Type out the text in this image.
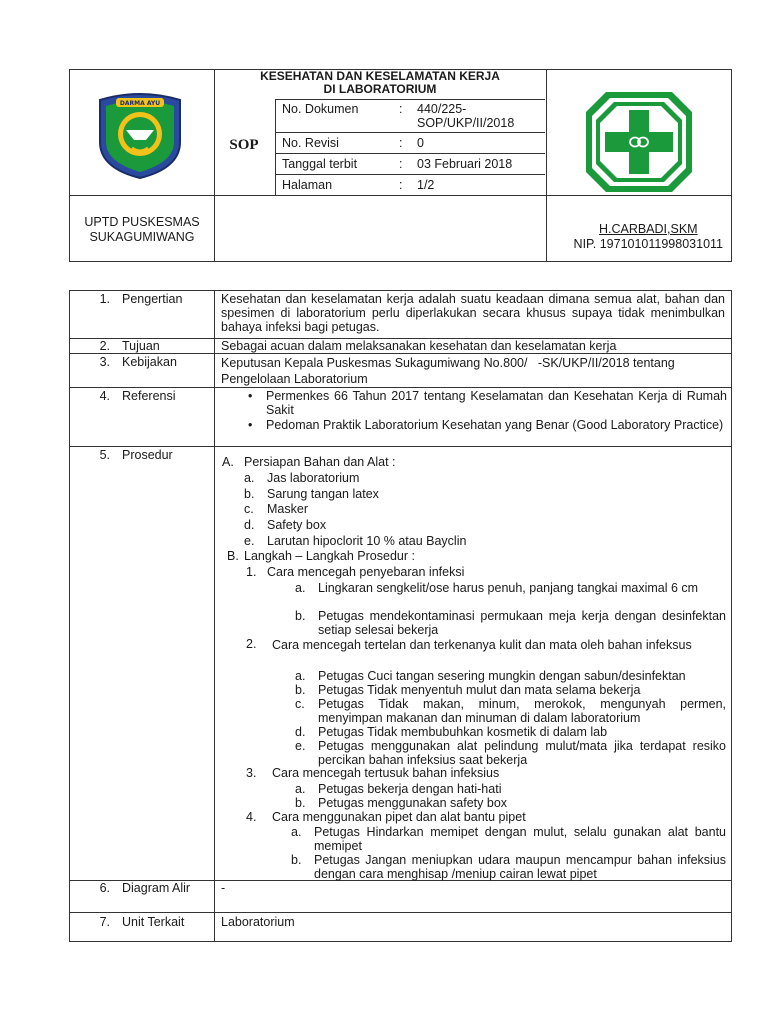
DARMA AYU
KESEHATAN DAN KESELAMATAN KERJA
DI LABORATORIUM
SOP
No. Dokumen	: 440/225-
SOP/UKP/II/2018
No. Revisi	: 0
Tanggal terbit	: 03 Februari 2018
Halaman	: 1/2
UPTD PUSKESMAS
SUKAGUMIWANG
H.CARBADI,SKM
NIP. 197101011998031011
1. Pengertian	Kesehatan dan keselamatan kerja adalah suatu keadaan dimana semua alat, bahan dan spesimen di laboratorium perlu diperlakukan secara khusus supaya tidak menimbulkan bahaya infeksi bagi petugas.
2. Tujuan	Sebagai acuan dalam melaksanakan kesehatan dan keselamatan kerja
3. Kebijakan	Keputusan Kepala Puskesmas Sukagumiwang No.800/   -SK/UKP/II/2018 tentang
Pengelolaan Laboratorium
4. Referensi	• Permenkes 66 Tahun 2017 tentang Keselamatan dan Kesehatan Kerja di Rumah Sakit
• Pedoman Praktik Laboratorium Kesehatan yang Benar (Good Laboratory Practice)
5. Prosedur	A. Persiapan Bahan dan Alat :
a. Jas laboratorium
b. Sarung tangan latex
c. Masker
d. Safety box
e. Larutan hipoclorit 10 % atau Bayclin
B. Langkah – Langkah Prosedur :
1. Cara mencegah penyebaran infeksi
a. Lingkaran sengkelit/ose harus penuh, panjang tangkai maximal 6 cm
b. Petugas mendekontaminasi permukaan meja kerja dengan desinfektan setiap selesai bekerja
2. Cara mencegah tertelan dan terkenanya kulit dan mata oleh bahan infeksus
a. Petugas Cuci tangan sesering mungkin dengan sabun/desinfektan
b. Petugas Tidak menyentuh mulut dan mata selama bekerja
c. Petugas Tidak makan, minum, merokok, mengunyah permen, menyimpan makanan dan minuman di dalam laboratorium
d. Petugas Tidak membubuhkan kosmetik di dalam lab
e. Petugas menggunakan alat pelindung mulut/mata jika terdapat resiko percikan bahan infeksius saat bekerja
3. Cara mencegah tertusuk bahan infeksius
a. Petugas bekerja dengan hati-hati
b. Petugas menggunakan safety box
4. Cara menggunakan pipet dan alat bantu pipet
a. Petugas Hindarkan memipet dengan mulut, selalu gunakan alat bantu memipet
b. Petugas Jangan meniupkan udara maupun mencampur bahan infeksius dengan cara menghisap /meniup cairan lewat pipet
6. Diagram Alir -
7. Unit Terkait	Laboratorium
